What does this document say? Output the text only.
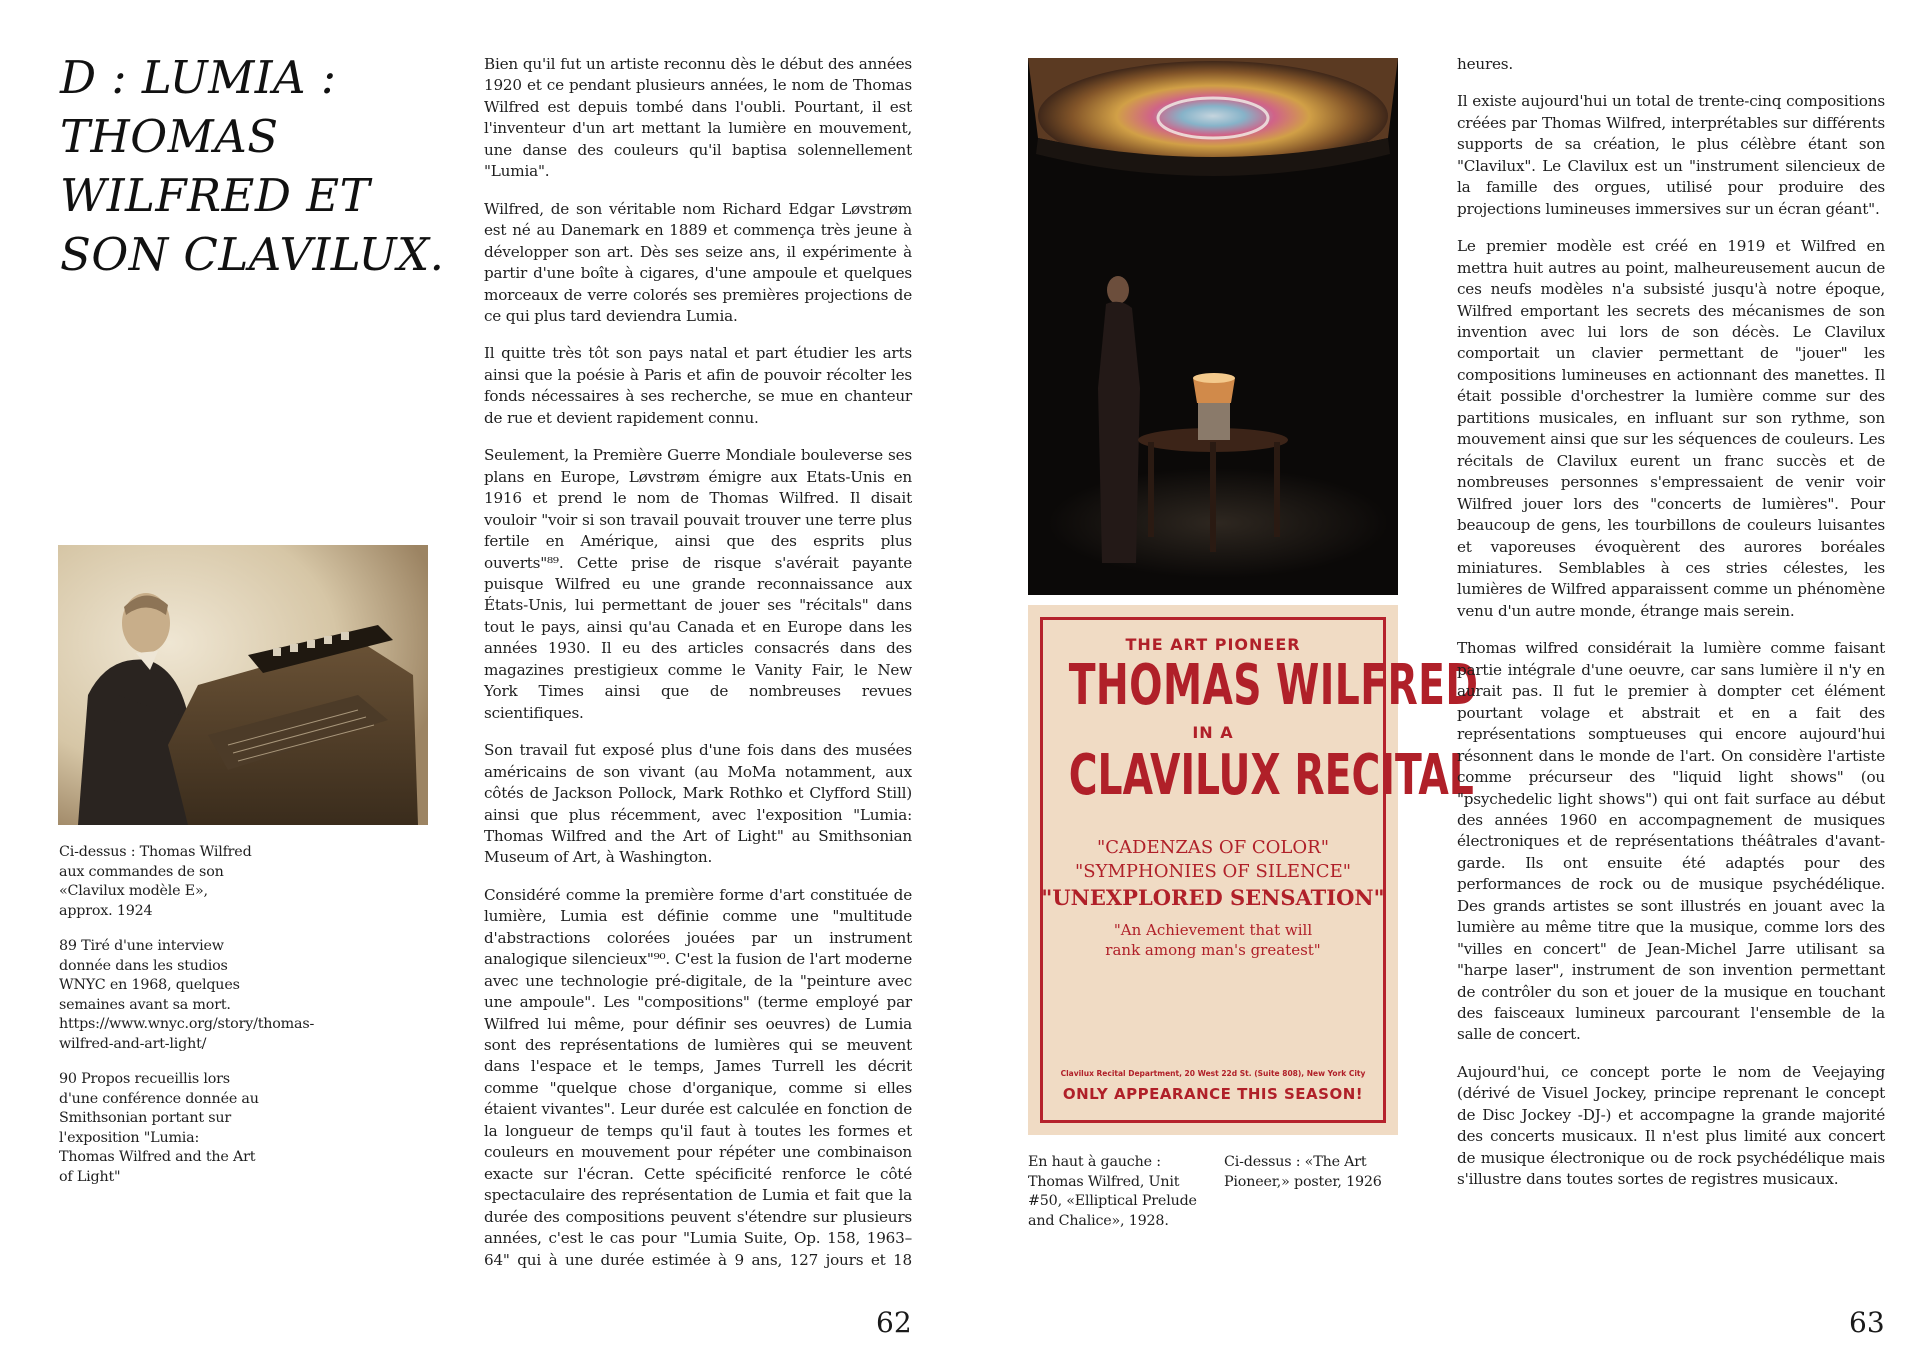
D : LUMIA :
THOMAS
WILFRED ET
SON CLAVILUX.

Ci-dessus : Thomas Wilfred aux commandes de son «Clavilux modèle E», approx. 1924

89 Tiré d'une interview donnée dans les studios WNYC en 1968, quelques semaines avant sa mort. https://www.wnyc.org/story/thomas-wilfred-and-art-light/

90 Propos recueillis lors d'une conférence donnée au Smithsonian portant sur l'exposition "Lumia: Thomas Wilfred and the Art of Light"

Bien qu'il fut un artiste reconnu dès le début des années 1920 et ce pendant plusieurs années, le nom de Thomas Wilfred est depuis tombé dans l'oubli. Pourtant, il est l'inventeur d'un art mettant la lumière en mouvement, une danse des couleurs qu'il baptisa solennellement "Lumia".

Wilfred, de son véritable nom Richard Edgar Løvstrøm est né au Danemark en 1889 et commença très jeune à développer son art. Dès ses seize ans, il expérimente à partir d'une boîte à cigares, d'une ampoule et quelques morceaux de verre colorés ses premières projections de ce qui plus tard deviendra Lumia.

Il quitte très tôt son pays natal et part étudier les arts ainsi que la poésie à Paris et afin de pouvoir récolter les fonds nécessaires à ses recherche, se mue en chanteur de rue et devient rapidement connu.

Seulement, la Première Guerre Mondiale bouleverse ses plans en Europe, Løvstrøm émigre aux Etats-Unis en 1916 et prend le nom de Thomas Wilfred. Il disait vouloir "voir si son travail pouvait trouver une terre plus fertile en Amérique, ainsi que des esprits plus ouverts"⁸⁹. Cette prise de risque s'avérait payante puisque Wilfred eu une grande reconnaissance aux États-Unis, lui permettant de jouer ses "récitals" dans tout le pays, ainsi qu'au Canada et en Europe dans les années 1930. Il eu des articles consacrés dans des magazines prestigieux comme le Vanity Fair, le New York Times ainsi que de nombreuses revues scientifiques.

Son travail fut exposé plus d'une fois dans des musées américains de son vivant (au MoMa notamment, aux côtés de Jackson Pollock, Mark Rothko et Clyfford Still) ainsi que plus récemment, avec l'exposition "Lumia: Thomas Wilfred and the Art of Light" au Smithsonian Museum of Art, à Washington.

Considéré comme la première forme d'art constituée de lumière, Lumia est définie comme une "multitude d'abstractions colorées jouées par un instrument analogique silencieux"⁹⁰. C'est la fusion de l'art moderne avec une technologie pré-digitale, de la "peinture avec une ampoule". Les "compositions" (terme employé par Wilfred lui même, pour définir ses oeuvres) de Lumia sont des représentations de lumières qui se meuvent dans l'espace et le temps, James Turrell les décrit comme "quelque chose d'organique, comme si elles étaient vivantes". Leur durée est calculée en fonction de la longueur de temps qu'il faut à toutes les formes et couleurs en mouvement pour répéter une combinaison exacte sur l'écran. Cette spécificité renforce le côté spectaculaire des représentation de Lumia et fait que la durée des compositions peuvent s'étendre sur plusieurs années, c'est le cas pour "Lumia Suite, Op. 158, 1963–64" qui à une durée estimée à 9 ans, 127 jours et 18

THE ART PIONEER
THOMAS WILFRED
IN A
CLAVILUX RECITAL
"CADENZAS OF COLOR"
"SYMPHONIES OF SILENCE"
"UNEXPLORED SENSATION"
"An Achievement that will
rank among man's greatest"
Clavilux Recital Department, 20 West 22d St. (Suite 808), New York City
ONLY APPEARANCE THIS SEASON!
En haut à gauche : Thomas Wilfred, Unit #50, «Elliptical Prelude and Chalice», 1928.
Ci-dessus : «The Art Pioneer,» poster, 1926

heures.

Il existe aujourd'hui un total de trente-cinq compositions créées par Thomas Wilfred, interprétables sur différents supports de sa création, le plus célèbre étant son "Clavilux". Le Clavilux est un "instrument silencieux de la famille des orgues, utilisé pour produire des projections lumineuses immersives sur un écran géant".

Le premier modèle est créé en 1919 et Wilfred en mettra huit autres au point, malheureusement aucun de ces neufs modèles n'a subsisté jusqu'à notre époque, Wilfred emportant les secrets des mécanismes de son invention avec lui lors de son décès. Le Clavilux comportait un clavier permettant de "jouer" les compositions lumineuses en actionnant des manettes. Il était possible d'orchestrer la lumière comme sur des partitions musicales, en influant sur son rythme, son mouvement ainsi que sur les séquences de couleurs. Les récitals de Clavilux eurent un franc succès et de nombreuses personnes s'empressaient de venir voir Wilfred jouer lors des "concerts de lumières". Pour beaucoup de gens, les tourbillons de couleurs luisantes et vaporeuses évoquèrent des aurores boréales miniatures. Semblables à ces stries célestes, les lumières de Wilfred apparaissent comme un phénomène venu d'un autre monde, étrange mais serein.

Thomas wilfred considérait la lumière comme faisant partie intégrale d'une oeuvre, car sans lumière il n'y en aurait pas. Il fut le premier à dompter cet élément pourtant volage et abstrait et en a fait des représentations somptueuses qui encore aujourd'hui résonnent dans le monde de l'art. On considère l'artiste comme précurseur des "liquid light shows" (ou "psychedelic light shows") qui ont fait surface au début des années 1960 en accompagnement de musiques électroniques et de représentations théâtrales d'avant-garde. Ils ont ensuite été adaptés pour des performances de rock ou de musique psychédélique. Des grands artistes se sont illustrés en jouant avec la lumière au même titre que la musique, comme lors des "villes en concert" de Jean-Michel Jarre utilisant sa "harpe laser", instrument de son invention permettant de contrôler du son et jouer de la musique en touchant des faisceaux lumineux parcourant l'ensemble de la salle de concert.

Aujourd'hui, ce concept porte le nom de Veejaying (dérivé de Visuel Jockey, principe reprenant le concept de Disc Jockey -DJ-) et accompagne la grande majorité des concerts musicaux. Il n'est plus limité aux concert de musique électronique ou de rock psychédélique mais s'illustre dans toutes sortes de registres musicaux.

62	63
